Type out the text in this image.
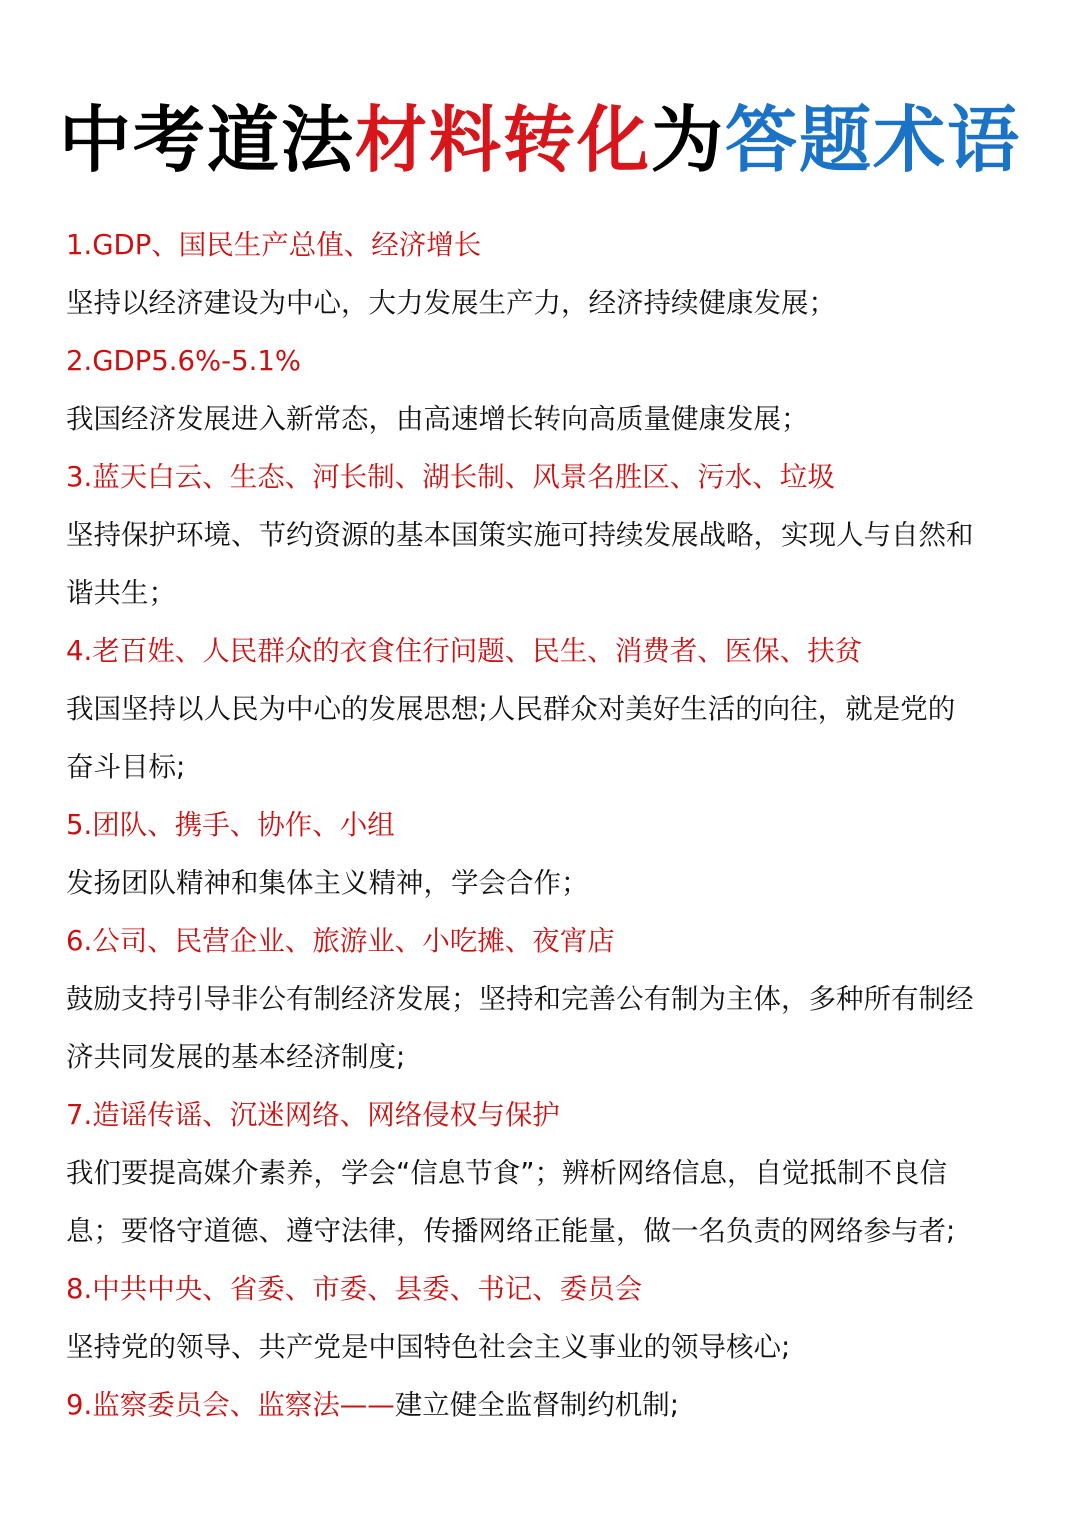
中考道法材料转化为答题术语
1.GDP、国民生产总值、经济增长
坚持以经济建设为中心，大力发展生产力，经济持续健康发展；
2.GDP5.6%-5.1%
我国经济发展进入新常态，由高速增长转向高质量健康发展；
3.蓝天白云、生态、河长制、湖长制、风景名胜区、污水、垃圾
坚持保护环境、节约资源的基本国策实施可持续发展战略，实现人与自然和
谐共生；
4.老百姓、人民群众的衣食住行问题、民生、消费者、医保、扶贫
我国坚持以人民为中心的发展思想;人民群众对美好生活的向往，就是党的
奋斗目标;
5.团队、携手、协作、小组
发扬团队精神和集体主义精神，学会合作；
6.公司、民营企业、旅游业、小吃摊、夜宵店
鼓励支持引导非公有制经济发展；坚持和完善公有制为主体，多种所有制经
济共同发展的基本经济制度;
7.造谣传谣、沉迷网络、网络侵权与保护
我们要提高媒介素养，学会“信息节食”；辨析网络信息，自觉抵制不良信
息；要恪守道德、遵守法律，传播网络正能量，做一名负责的网络参与者;
8.中共中央、省委、市委、县委、书记、委员会
坚持党的领导、共产党是中国特色社会主义事业的领导核心;
9.监察委员会、监察法——建立健全监督制约机制;
